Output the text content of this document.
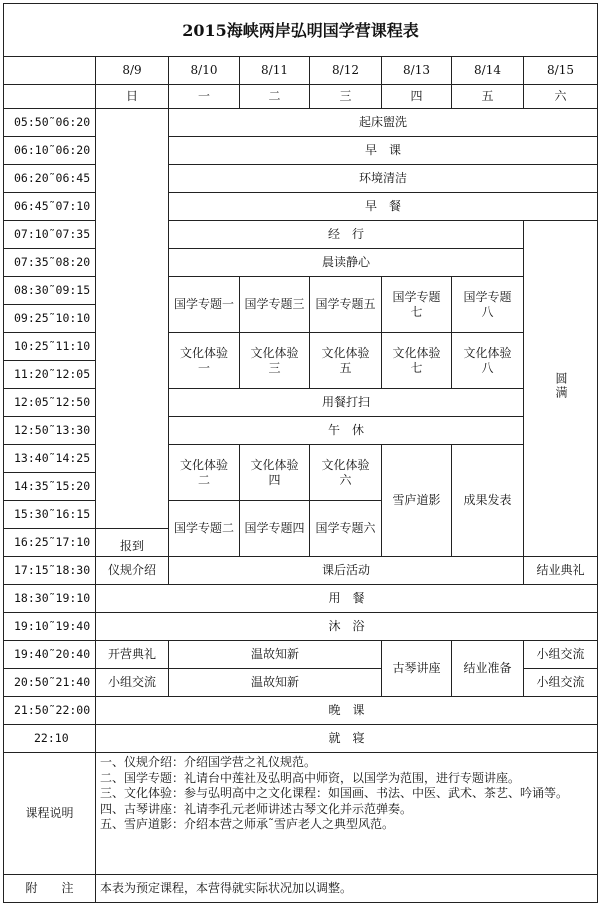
2015海峡两岸弘明国学营课程表							
	8/9	8/10	8/11	8/12	8/13	8/14	8/15
	日	一	二	三	四	五	六
05:50˜06:20		起床盥洗					
06:10˜06:20		早　课					
06:20˜06:45		环境清洁					
06:45˜07:10		早　餐					
07:10˜07:35		经　行					圆满
07:35˜08:20		晨读静心					
08:30˜09:15		国学专题一	国学专题三	国学专题五	国学专题七	国学专题八	
09:25˜10:10							
10:25˜11:10		文化体验一	文化体验三	文化体验五	文化体验七	文化体验八	
11:20˜12:05							
12:05˜12:50		用餐打扫					
12:50˜13:30		午　休					
13:40˜14:25		文化体验二	文化体验四	文化体验六	雪庐道影	成果发表	
14:35˜15:20							
15:30˜16:15		国学专题二	国学专题四	国学专题六			
16:25˜17:10	报到						
17:15˜18:30	仪规介绍	课后活动					结业典礼
18:30˜19:10	用　餐						
19:10˜19:40	沐　浴						
19:40˜20:40	开营典礼	温故知新			古琴讲座	结业准备	小组交流
20:50˜21:40	小组交流	温故知新					小组交流
21:50˜22:00	晚　课						
22:10	就　寝						
课程说明	一、仪规介绍：介绍国学营之礼仪规范。
二、国学专题：礼请台中莲社及弘明高中师资，以国学为范围，进行专题讲座。
三、文化体验：参与弘明高中之文化课程：如国画、书法、中医、武术、茶艺、吟诵等。
四、古琴讲座：礼请李孔元老师讲述古琴文化并示范弹奏。
五、雪庐道影：介绍本营之师承˜雪庐老人之典型风范。						

附　　注	本表为预定课程，本营得就实际状况加以调整。						
